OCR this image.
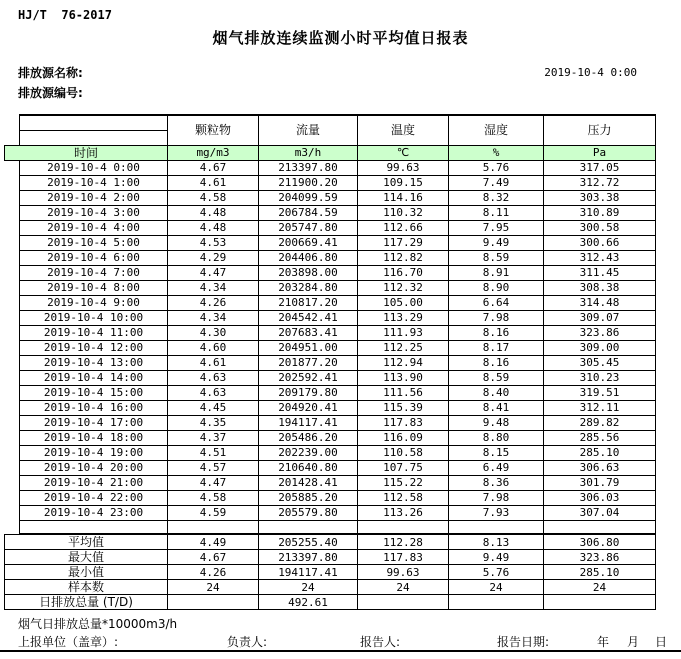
HJ/T  76-2017
烟气排放连续监测小时平均值日报表
排放源名称:
排放源编号:
2019-10-4 0:00
		颗粒物	流量	温度	湿度	压力

时间		mg/m3	m3/h	℃	%	Pa
	2019-10-4 0:00	4.67	213397.80	99.63	5.76	317.05
	2019-10-4 1:00	4.61	211900.20	109.15	7.49	312.72
	2019-10-4 2:00	4.58	204099.59	114.16	8.32	303.38
	2019-10-4 3:00	4.48	206784.59	110.32	8.11	310.89
	2019-10-4 4:00	4.48	205747.80	112.66	7.95	300.58
	2019-10-4 5:00	4.53	200669.41	117.29	9.49	300.66
	2019-10-4 6:00	4.29	204406.80	112.82	8.59	312.43
	2019-10-4 7:00	4.47	203898.00	116.70	8.91	311.45
	2019-10-4 8:00	4.34	203284.80	112.32	8.90	308.38
	2019-10-4 9:00	4.26	210817.20	105.00	6.64	314.48
	2019-10-4 10:00	4.34	204542.41	113.29	7.98	309.07
	2019-10-4 11:00	4.30	207683.41	111.93	8.16	323.86
	2019-10-4 12:00	4.60	204951.00	112.25	8.17	309.00
	2019-10-4 13:00	4.61	201877.20	112.94	8.16	305.45
	2019-10-4 14:00	4.63	202592.41	113.90	8.59	310.23
	2019-10-4 15:00	4.63	209179.80	111.56	8.40	319.51
	2019-10-4 16:00	4.45	204920.41	115.39	8.41	312.11
	2019-10-4 17:00	4.35	194117.41	117.83	9.48	289.82
	2019-10-4 18:00	4.37	205486.20	116.09	8.80	285.56
	2019-10-4 19:00	4.51	202239.00	110.58	8.15	285.10
	2019-10-4 20:00	4.57	210640.80	107.75	6.49	306.63
	2019-10-4 21:00	4.47	201428.41	115.22	8.36	301.79
	2019-10-4 22:00	4.58	205885.20	112.58	7.98	306.03
	2019-10-4 23:00	4.59	205579.80	113.26	7.93	307.04

平均值	4.49	205255.40	112.28	8.13	306.80
最大值	4.67	213397.80	117.83	9.49	323.86
最小值	4.26	194117.41	99.63	5.76	285.10
样本数	24	24	24	24	24
日排放总量 (T/D)		492.61			
烟气日排放总量*10000m3/h
上报单位（盖章）:	负责人:	报告人:	报告日期:	年 月 日
